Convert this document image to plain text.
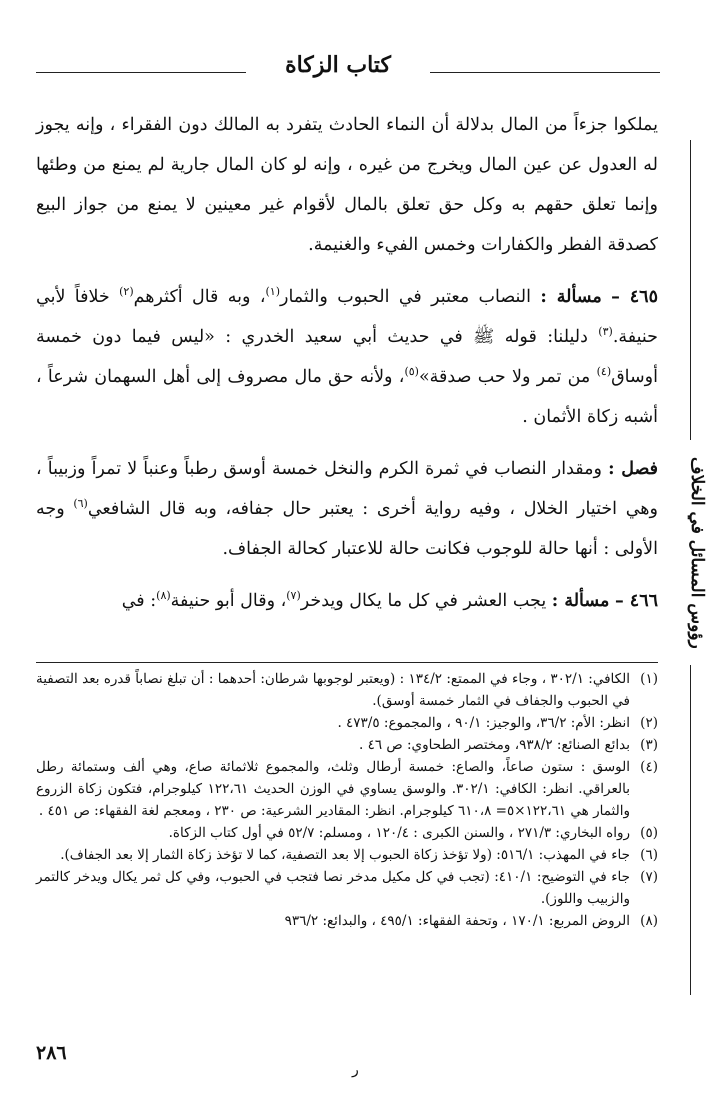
كتاب الزكاة
رؤوس المسائل في الخلاف

يملكوا جزءاً من المال بدلالة أن النماء الحادث يتفرد به المالك دون الفقراء ، وإنه يجوز له العدول عن عين المال ويخرج من غيره ، وإنه لو كان المال جارية لم يمنع من وطئها وإنما تعلق حقهم به وكل حق تعلق بالمال لأقوام غير معينين لا يمنع من جواز البيع كصدقة الفطر والكفارات وخمس الفيء والغنيمة.

٤٦٥ – مسألة : النصاب معتبر في الحبوب والثمار$^{(١)}$، وبه قال أكثرهم$^{(٢)}$ خلافاً لأبي حنيفة.$^{(٣)}$ دليلنا: قوله ﷺ في حديث أبي سعيد الخدري : «ليس فيما دون خمسة أوساق$^{(٤)}$ من تمر ولا حب صدقة»$^{(٥)}$، ولأنه حق مال مصروف إلى أهل السهمان شرعاً ، أشبه زكاة الأثمان .

فصل : ومقدار النصاب في ثمرة الكرم والنخل خمسة أوسق رطباً وعنباً لا تمراً وزبيباً ، وهي اختيار الخلال ، وفيه رواية أخرى : يعتبر حال جفافه، وبه قال الشافعي$^{(٦)}$ وجه الأولى : أنها حالة للوجوب فكانت حالة للاعتبار كحالة الجفاف.

٤٦٦ – مسألة : يجب العشر في كل ما يكال ويدخر$^{(٧)}$، وقال أبو حنيفة$^{(٨)}$: في

(١)
الكافي: ٣٠٢/١ ، وجاء في الممتع: ١٣٤/٢ : (ويعتبر لوجوبها شرطان: أحدهما : أن تبلغ نصاباً قدره بعد التصفية في الحبوب والجفاف في الثمار خمسة أوسق).

(٢)
انظر: الأم: ٣٦/٢، والوجيز: ٩٠/١ ، والمجموع: ٤٧٣/٥ .

(٣)
بدائع الصنائع: ٩٣٨/٢، ومختصر الطحاوي: ص ٤٦ .

(٤)
الوسق : ستون صاعاً، والصاع: خمسة أرطال وثلث، والمجموع ثلاثمائة صاع، وهي ألف وستمائة رطل بالعراقي. انظر: الكافي: ٣٠٢/١. والوسق يساوي في الوزن الحديث ١٢٢،٦١ كيلوجرام، فتكون زكاة الزروع والثمار هي ١٢٢،٦١×٥= ٦١٠،٨ كيلوجرام. انظر: المقادير الشرعية: ص ٢٣٠ ، ومعجم لغة الفقهاء: ص ٤٥١ .

(٥)
رواه البخاري: ٢٧١/٣ ، والسنن الكبرى : ١٢٠/٤ ، ومسلم: ٥٢/٧ في أول كتاب الزكاة.

(٦)
جاء في المهذب: ٥١٦/١: (ولا تؤخذ زكاة الحبوب إلا بعد التصفية، كما لا تؤخذ زكاة الثمار إلا بعد الجفاف).

(٧)
جاء في التوضيح: ٤١٠/١: (تجب في كل مكيل مدخر نصا فتجب في الحبوب، وفي كل ثمر يكال ويدخر كالتمر والزبيب واللوز).

(٨)
الروض المربع: ١٧٠/١ ، وتحفة الفقهاء: ٤٩٥/١ ، والبدائع: ٩٣٦/٢

٢٨٦
ﺭ
